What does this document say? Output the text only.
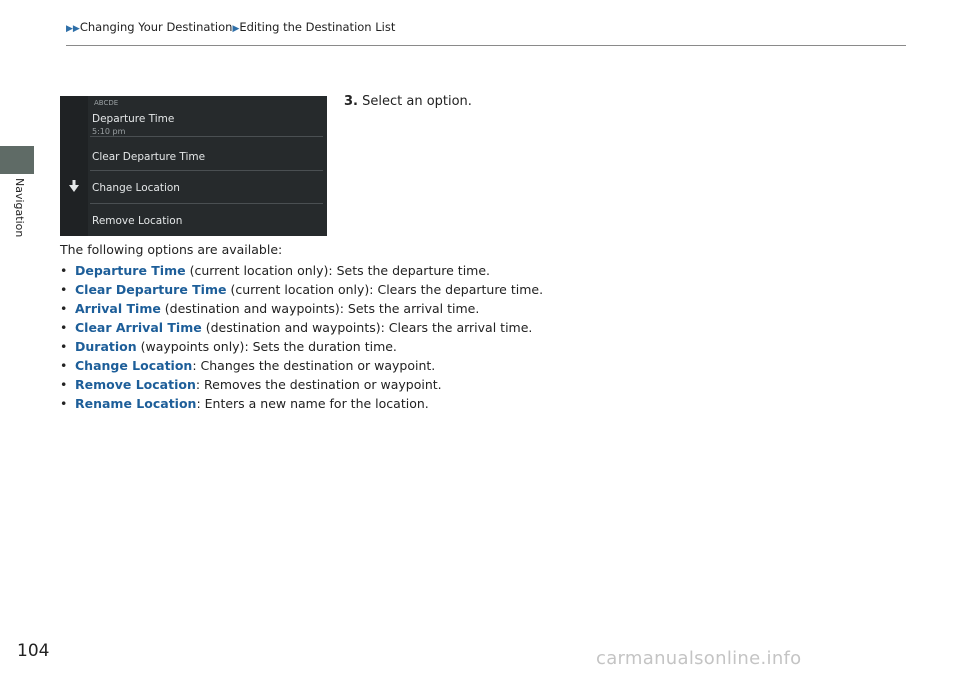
▶▶Changing Your Destination▶Editing the Destination List
Navigation
ABCDE
Departure Time
5:10 pm
Clear Departure Time
Change Location
Remove Location
3. Select an option.
The following options are available:
• Departure Time (current location only): Sets the departure time.
• Clear Departure Time (current location only): Clears the departure time.
• Arrival Time (destination and waypoints): Sets the arrival time.
• Clear Arrival Time (destination and waypoints): Clears the arrival time.
• Duration (waypoints only): Sets the duration time.
• Change Location: Changes the destination or waypoint.
• Remove Location: Removes the destination or waypoint.
• Rename Location: Enters a new name for the location.
104	carmanualsonline.info
